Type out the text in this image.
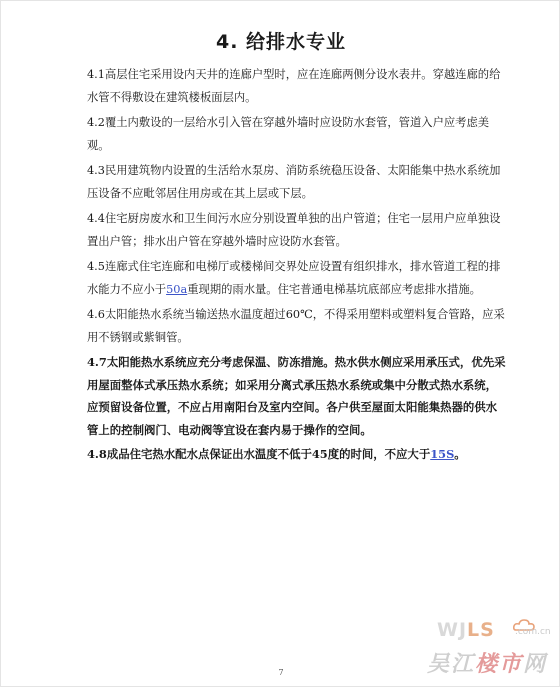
4. 给排水专业

4.1高层住宅采用设内天井的连廊户型时，应在连廊两侧分设水表井。穿越连廊的给水管不得敷设在建筑楼板面层内。

4.2覆土内敷设的一层给水引入管在穿越外墙时应设防水套管，管道入户应考虑美观。

4.3民用建筑物内设置的生活给水泵房、消防系统稳压设备、太阳能集中热水系统加压设备不应毗邻居住用房或在其上层或下层。

4.4住宅厨房废水和卫生间污水应分别设置单独的出户管道；住宅一层用户应单独设置出户管；排水出户管在穿越外墙时应设防水套管。

4.5连廊式住宅连廊和电梯厅或楼梯间交界处应设置有组织排水，排水管道工程的排水能力不应小于50a重现期的雨水量。住宅普通电梯基坑底部应考虑排水措施。

4.6太阳能热水系统当输送热水温度超过60℃，不得采用塑料或塑料复合管路，应采用不锈钢或紫铜管。

4.7太阳能热水系统应充分考虑保温、防冻措施。热水供水侧应采用承压式，优先采用屋面整体式承压热水系统；如采用分离式承压热水系统或集中分散式热水系统，应预留设备位置，不应占用南阳台及室内空间。各户供至屋面太阳能集热器的供水管上的控制阀门、电动阀等宜设在套内易于操作的空间。

4.8成品住宅热水配水点保证出水温度不低于45度的时间，不应大于15S。

7
WJLS .com.cn
吴江楼市网
